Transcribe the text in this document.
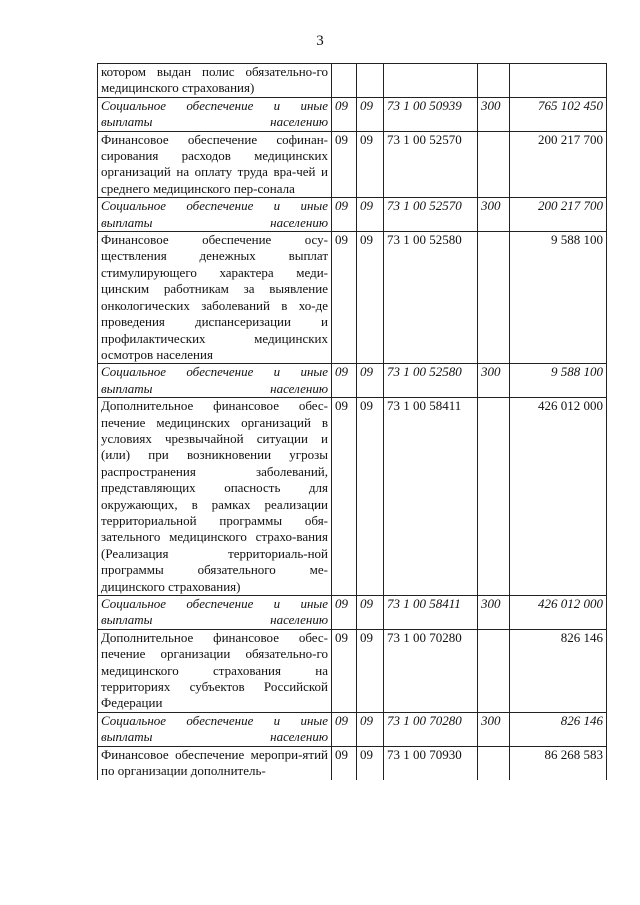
3
котором выдан полис обязательно-го медицинского страхования)					
Социальное обеспечение и иные выплаты населению	09	09	73 1 00 50939	300	765 102 450
Финансовое обеспечение софинан-сирования расходов медицинских организаций на оплату труда вра-чей и среднего медицинского пер-сонала	09	09	73 1 00 52570		200 217 700
Социальное обеспечение и иные выплаты населению	09	09	73 1 00 52570	300	200 217 700
Финансовое обеспечение осу-ществления денежных выплат стимулирующего характера меди-цинским работникам за выявление онкологических заболеваний в хо-де проведения диспансеризации и профилактических медицинских осмотров населения	09	09	73 1 00 52580		9 588 100
Социальное обеспечение и иные выплаты населению	09	09	73 1 00 52580	300	9 588 100
Дополнительное финансовое обес-печение медицинских организаций в условиях чрезвычайной ситуации и (или) при возникновении угрозы распространения заболеваний, представляющих опасность для окружающих, в рамках реализации территориальной программы обя-зательного медицинского страхо-вания (Реализация территориаль-ной программы обязательного ме-дицинского страхования)	09	09	73 1 00 58411		426 012 000
Социальное обеспечение и иные выплаты населению	09	09	73 1 00 58411	300	426 012 000
Дополнительное финансовое обес-печение организации обязательно-го медицинского страхования на территориях субъектов Российской Федерации	09	09	73 1 00 70280		826 146
Социальное обеспечение и иные выплаты населению	09	09	73 1 00 70280	300	826 146
Финансовое обеспечение меропри-ятий по организации дополнитель-	09	09	73 1 00 70930		86 268 583
